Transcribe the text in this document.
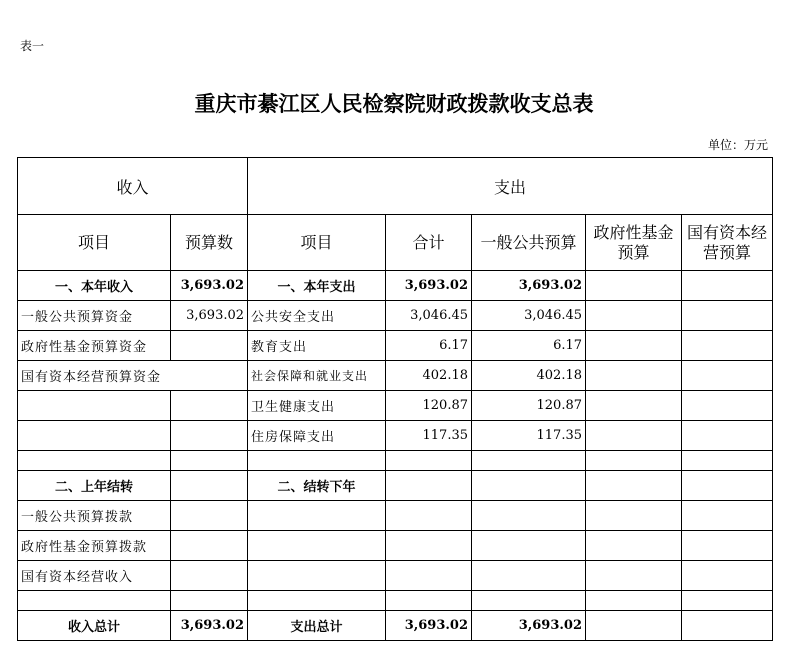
表一
重庆市綦江区人民检察院财政拨款收支总表
单位：万元
收入		支出				
项目	预算数	项目	合计	一般公共预算	政府性基金预算	国有资本经营预算
一、本年收入	3,693.02	一、本年支出	3,693.02	3,693.02		
一般公共预算资金	3,693.02	公共安全支出	3,046.45	3,046.45		
政府性基金预算资金		教育支出	6.17	6.17		
国有资本经营预算资金		社会保障和就业支出	402.18	402.18		
		卫生健康支出	120.87	120.87		
		住房保障支出	117.35	117.35		

二、上年结转		二、结转下年				
一般公共预算拨款						
政府性基金预算拨款						
国有资本经营收入						

收入总计	3,693.02	支出总计	3,693.02	3,693.02		
